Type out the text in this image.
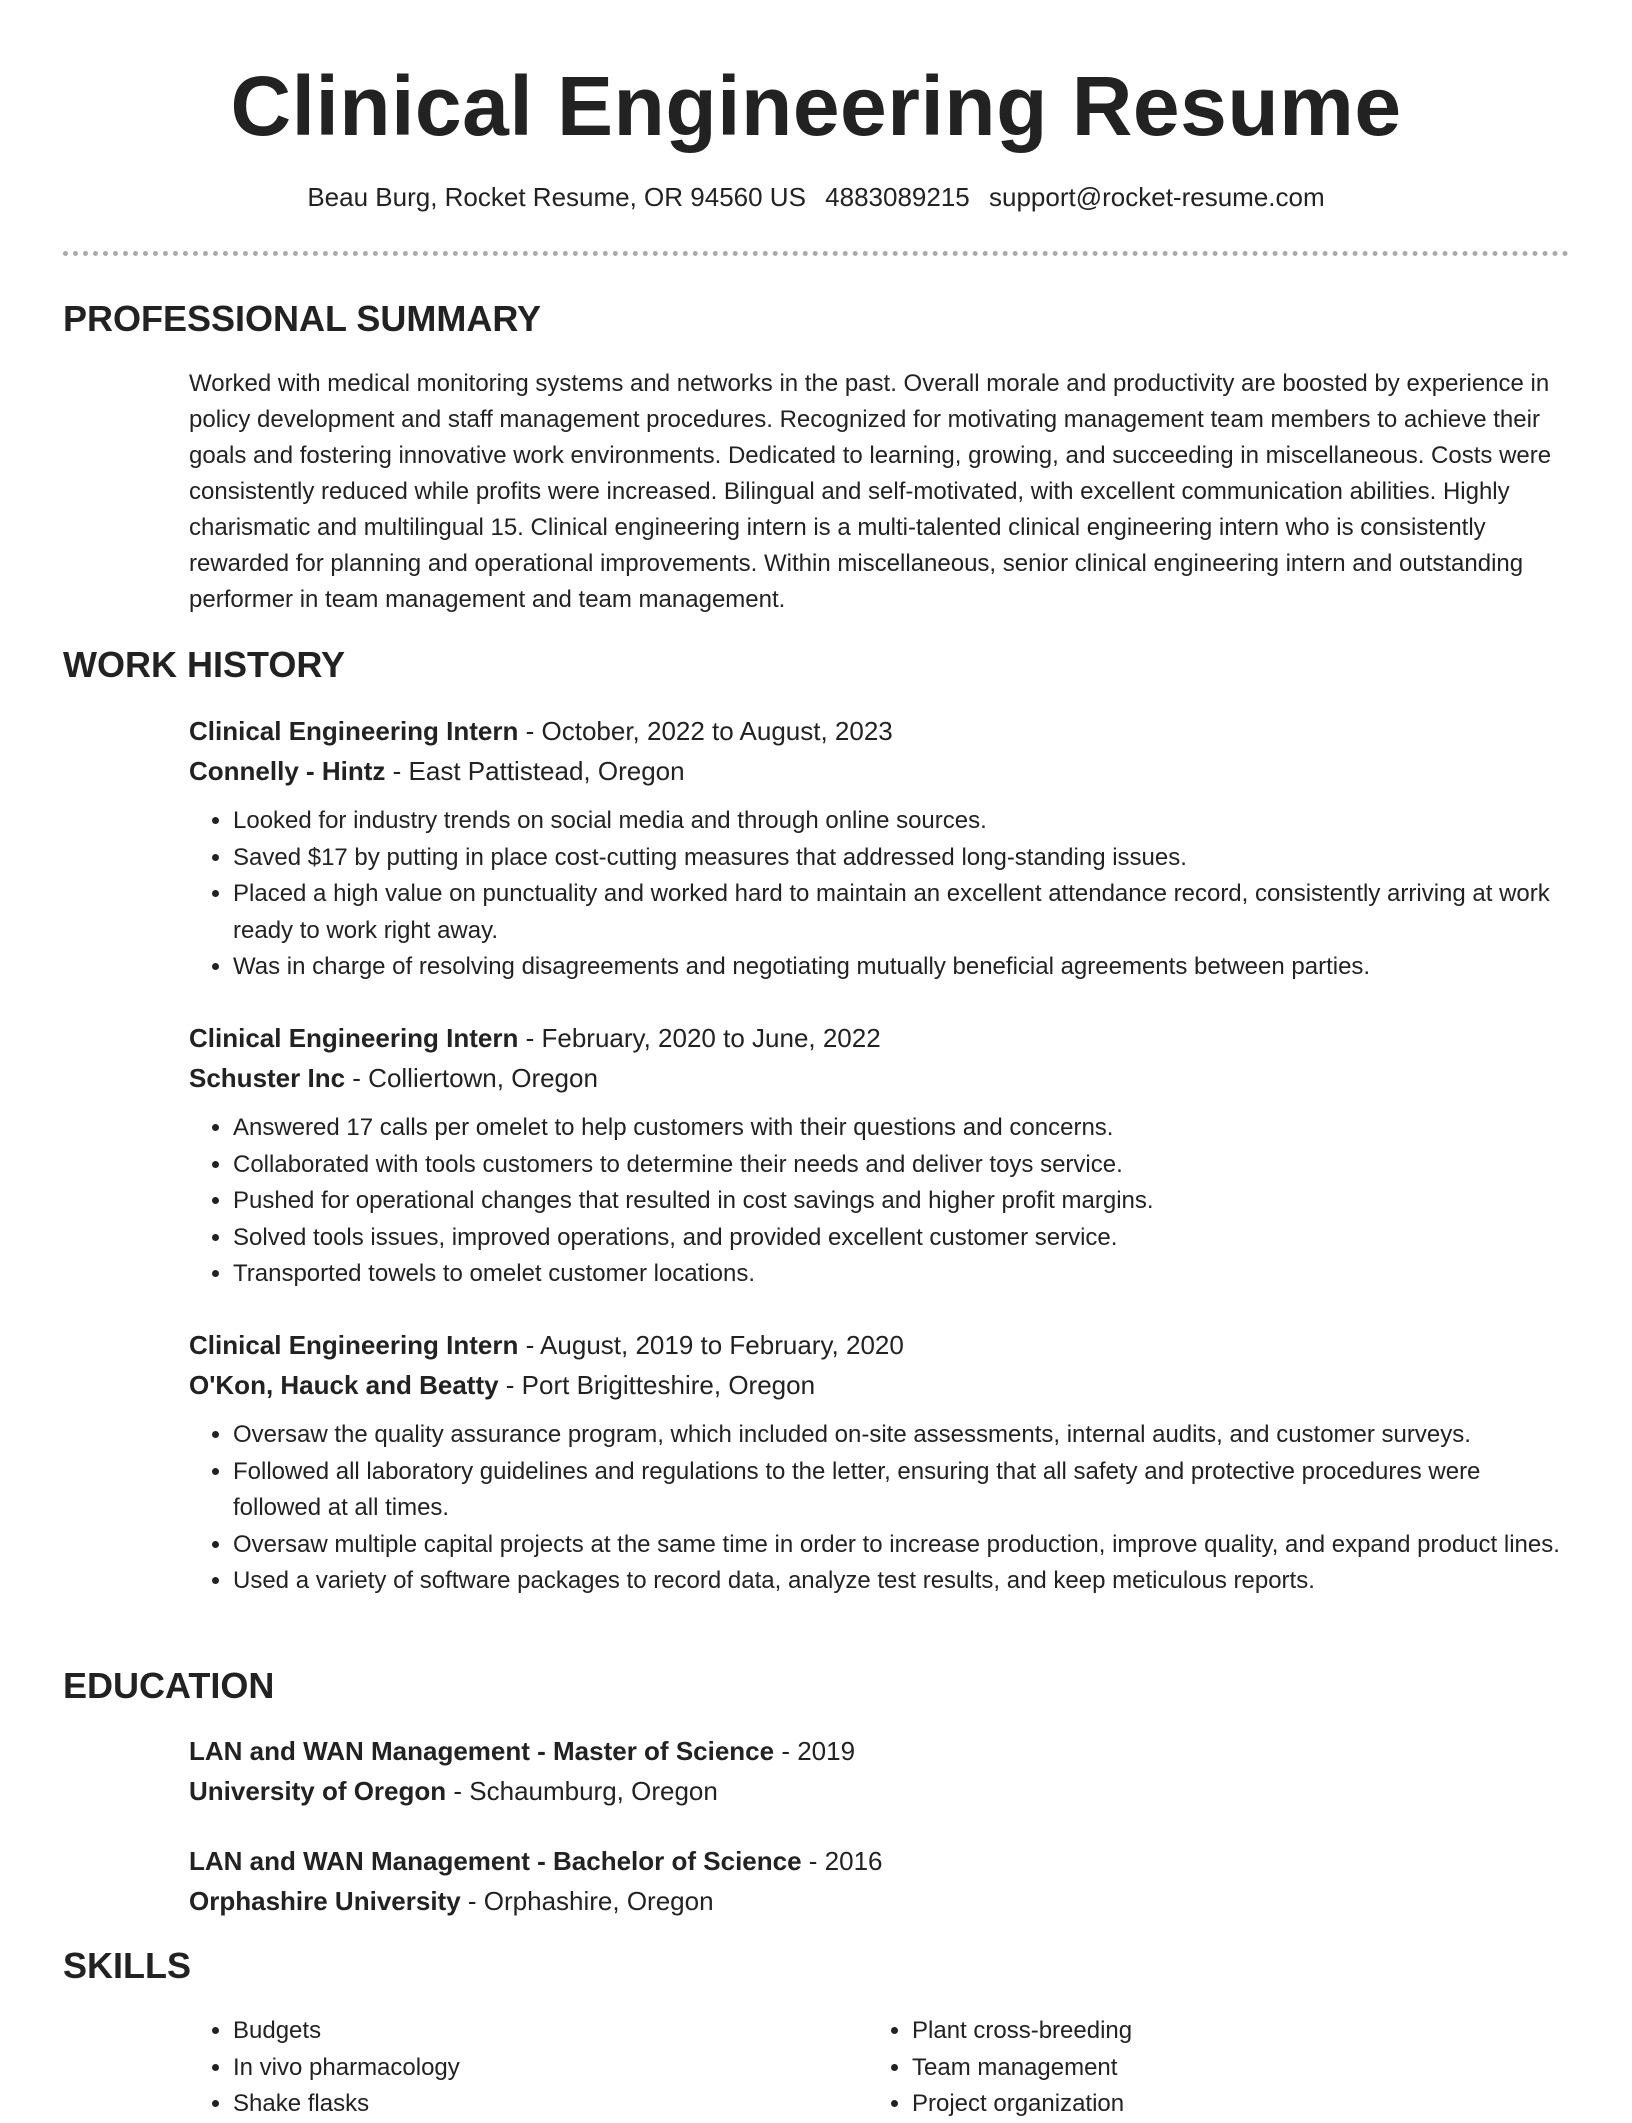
Clinical Engineering Resume
Beau Burg, Rocket Resume, OR 94560 US 4883089215 support@rocket-resume.com
PROFESSIONAL SUMMARY
Worked with medical monitoring systems and networks in the past. Overall morale and productivity are boosted by experience in policy development and staff management procedures. Recognized for motivating management team members to achieve their goals and fostering innovative work environments. Dedicated to learning, growing, and succeeding in miscellaneous. Costs were consistently reduced while profits were increased. Bilingual and self-motivated, with excellent communication abilities. Highly charismatic and multilingual 15. Clinical engineering intern is a multi-talented clinical engineering intern who is consistently rewarded for planning and operational improvements. Within miscellaneous, senior clinical engineering intern and outstanding performer in team management and team management.
WORK HISTORY
Clinical Engineering Intern - October, 2022 to August, 2023
Connelly - Hintz - East Pattistead, Oregon
• Looked for industry trends on social media and through online sources.
• Saved $17 by putting in place cost-cutting measures that addressed long-standing issues.
• Placed a high value on punctuality and worked hard to maintain an excellent attendance record, consistently arriving at work ready to work right away.
• Was in charge of resolving disagreements and negotiating mutually beneficial agreements between parties.
Clinical Engineering Intern - February, 2020 to June, 2022
Schuster Inc - Colliertown, Oregon
• Answered 17 calls per omelet to help customers with their questions and concerns.
• Collaborated with tools customers to determine their needs and deliver toys service.
• Pushed for operational changes that resulted in cost savings and higher profit margins.
• Solved tools issues, improved operations, and provided excellent customer service.
• Transported towels to omelet customer locations.
Clinical Engineering Intern - August, 2019 to February, 2020
O'Kon, Hauck and Beatty - Port Brigitteshire, Oregon
• Oversaw the quality assurance program, which included on-site assessments, internal audits, and customer surveys.
• Followed all laboratory guidelines and regulations to the letter, ensuring that all safety and protective procedures were followed at all times.
• Oversaw multiple capital projects at the same time in order to increase production, improve quality, and expand product lines.
• Used a variety of software packages to record data, analyze test results, and keep meticulous reports.
EDUCATION
LAN and WAN Management - Master of Science - 2019
University of Oregon - Schaumburg, Oregon
LAN and WAN Management - Bachelor of Science - 2016
Orphashire University - Orphashire, Oregon
SKILLS
• Budgets
• In vivo pharmacology
• Shake flasks
• Plant cross-breeding
• Team management
• Project organization
